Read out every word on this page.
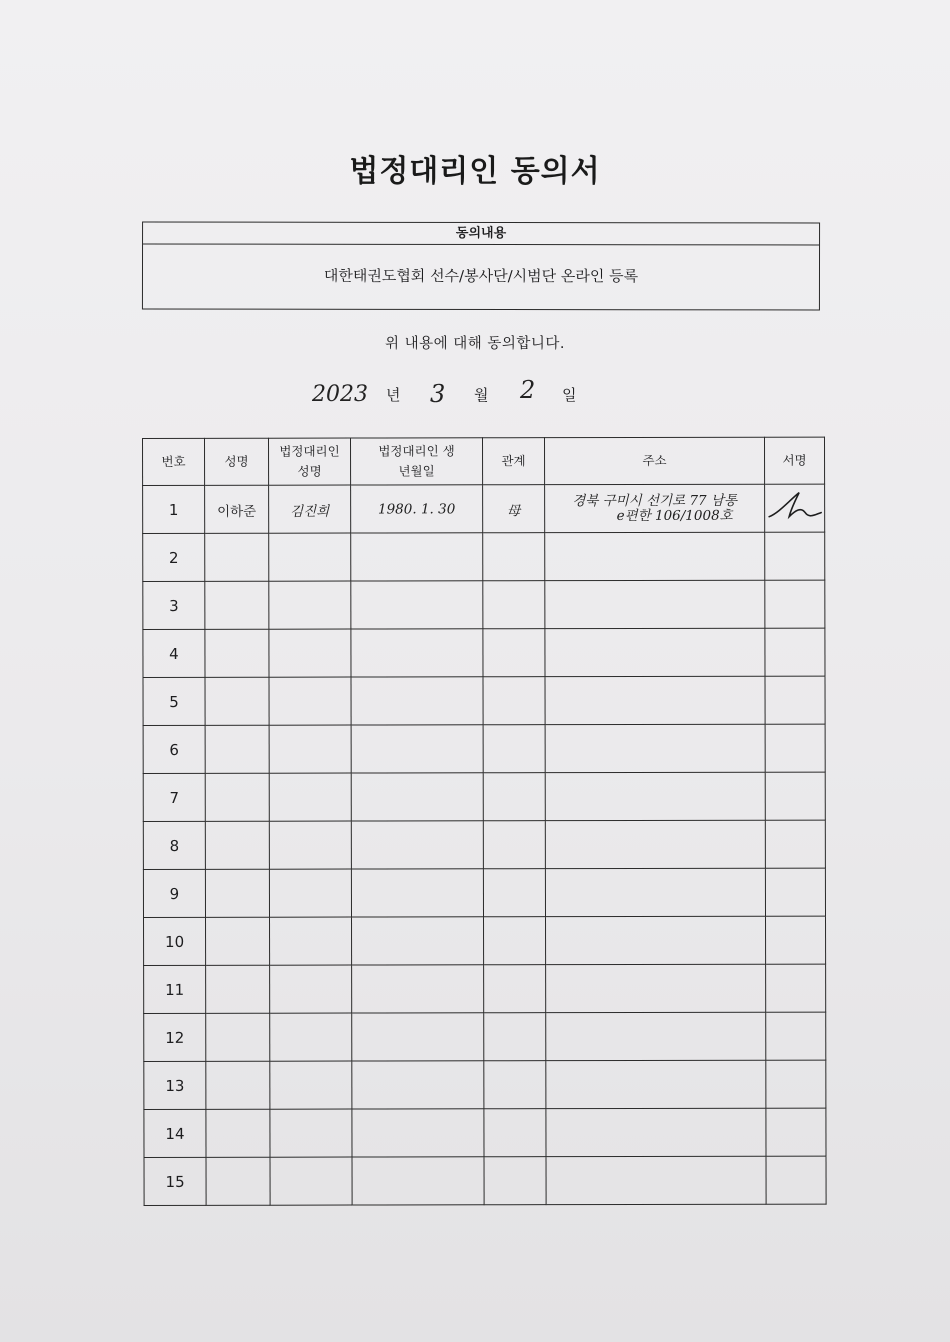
법정대리인 동의서
동의내용
대한태권도협회 선수/봉사단/시범단 온라인 등록
위 내용에 대해 동의합니다.
2023 년 3 월 2 일
번호	성명	법정대리인 성명	법정대리인 생년월일	관계	주소	서명
1	이하준	김진희	1980. 1. 30	母	경북 구미시 선기로 77 남통
e편한 106/1008호

2						
3						
4						
5						
6						
7						
8						
9						
10						
11						
12						
13						
14						
15						
